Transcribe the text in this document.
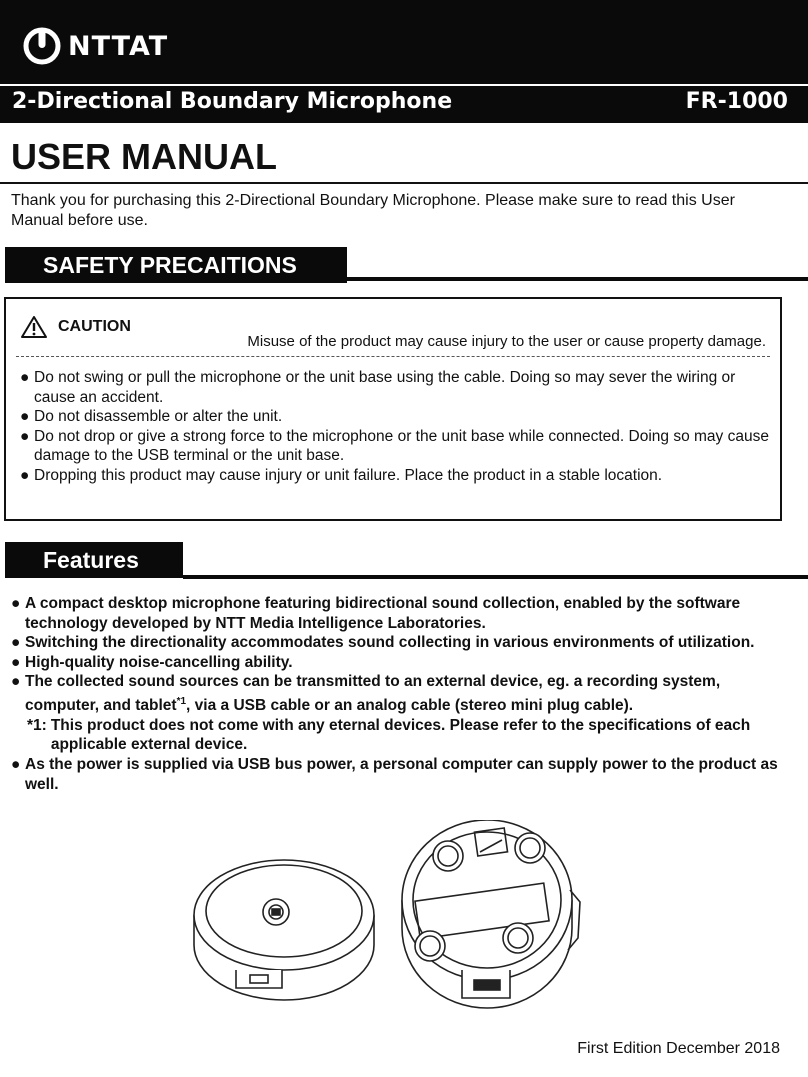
NTTAT
2-Directional Boundary Microphone	FR-1000
USER MANUAL

Thank you for purchasing this 2-Directional Boundary Microphone. Please make sure to read this User Manual before use.

SAFETY PRECAITIONS
CAUTION
Misuse of the product may cause injury to the user or cause property damage.
● Do not swing or pull the microphone or the unit base using the cable. Doing so may sever the wiring or cause an accident.
● Do not disassemble or alter the unit.
● Do not drop or give a strong force to the microphone or the unit base while connected. Doing so may cause damage to the USB terminal or the unit base.
● Dropping this product may cause injury or unit failure. Place the product in a stable location.
Features
● A compact desktop microphone featuring bidirectional sound collection, enabled by the software technology developed by NTT Media Intelligence Laboratories.
● Switching the directionality accommodates sound collecting in various environments of utilization.
● High-quality noise-cancelling ability.
● The collected sound sources can be transmitted to an external device, eg. a recording system, computer, and tablet$^{*1}$, via a USB cable or an analog cable (stereo mini plug cable).
*1: This product does not come with any eternal devices. Please refer to the specifications of each applicable external device.
● As the power is supplied via USB bus power, a personal computer can supply power to the product as well.
First Edition December 2018
